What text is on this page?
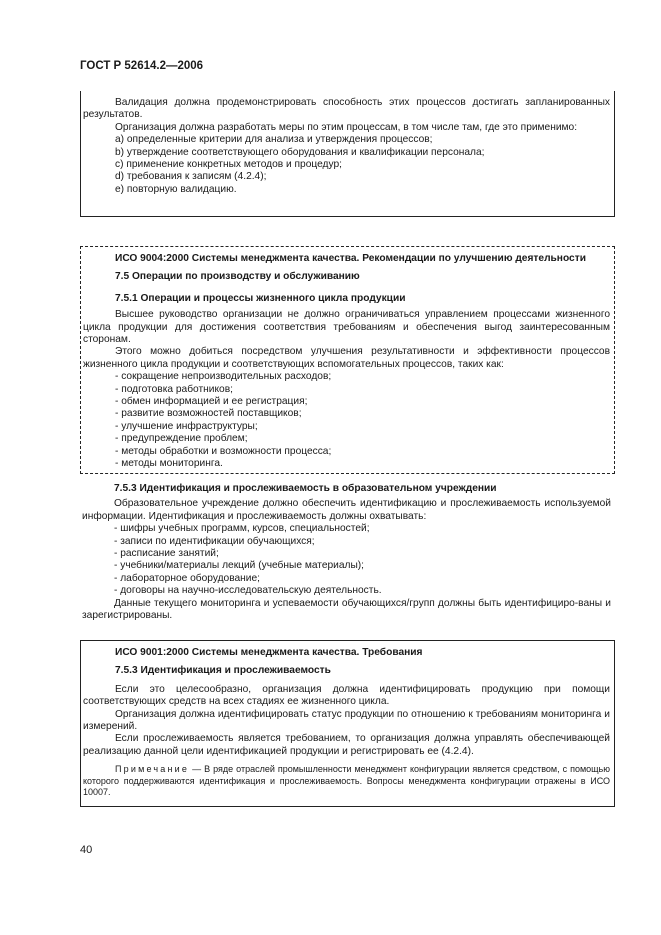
ГОСТ Р 52614.2—2006
Валидация должна продемонстрировать способность этих процессов достигать запланированных результатов.
Организация должна разработать меры по этим процессам, в том числе там, где это применимо:
a) определенные критерии для анализа и утверждения процессов;
b) утверждение соответствующего оборудования и квалификации персонала;
c) применение конкретных методов и процедур;
d) требования к записям (4.2.4);
e) повторную валидацию.
ИСО 9004:2000 Системы менеджмента качества. Рекомендации по улучшению деятельности
7.5 Операции по производству и обслуживанию
7.5.1 Операции и процессы жизненного цикла продукции
Высшее руководство организации не должно ограничиваться управлением процессами жизненного цикла продукции для достижения соответствия требованиям и обеспечения выгод заинтересованным сторонам.
Этого можно добиться посредством улучшения результативности и эффективности процессов жизненного цикла продукции и соответствующих вспомогательных процессов, таких как:
- сокращение непроизводительных расходов;
- подготовка работников;
- обмен информацией и ее регистрация;
- развитие возможностей поставщиков;
- улучшение инфраструктуры;
- предупреждение проблем;
- методы обработки и возможности процесса;
- методы мониторинга.
7.5.3 Идентификация и прослеживаемость в образовательном учреждении
Образовательное учреждение должно обеспечить идентификацию и прослеживаемость используемой информации. Идентификация и прослеживаемость должны охватывать:
- шифры учебных программ, курсов, специальностей;
- записи по идентификации обучающихся;
- расписание занятий;
- учебники/материалы лекций (учебные материалы);
- лабораторное оборудование;
- договоры на научно-исследовательскую деятельность.
Данные текущего мониторинга и успеваемости обучающихся/групп должны быть идентифициро-ваны и зарегистрированы.
ИСО 9001:2000 Системы менеджмента качества. Требования
7.5.3 Идентификация и прослеживаемость
Если это целесообразно, организация должна идентифицировать продукцию при помощи соответствующих средств на всех стадиях ее жизненного цикла.
Организация должна идентифицировать статус продукции по отношению к требованиям мониторинга и измерений.
Если прослеживаемость является требованием, то организация должна управлять обеспечивающей реализацию данной цели идентификацией продукции и регистрировать ее (4.2.4).
Примечание — В ряде отраслей промышленности менеджмент конфигурации является средством, с помощью которого поддерживаются идентификация и прослеживаемость. Вопросы менеджмента конфигурации отражены в ИСО 10007.
40
